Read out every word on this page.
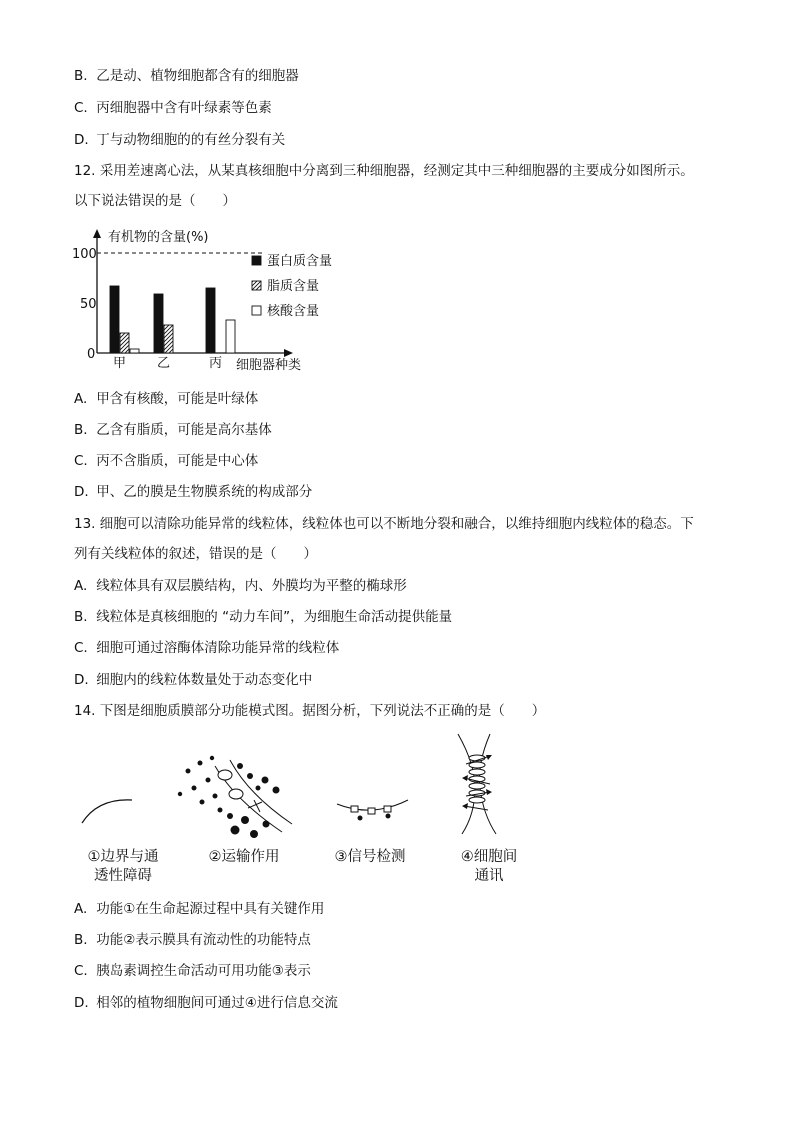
B. 乙是动、植物细胞都含有的细胞器
C. 丙细胞器中含有叶绿素等色素
D. 丁与动物细胞的的有丝分裂有关
12. 采用差速离心法，从某真核细胞中分离到三种细胞器，经测定其中三种细胞器的主要成分如图所示。
以下说法错误的是（　　）
有机物的含量(%)
细胞器种类
100
50
0
甲 乙	丙
蛋白质含量
脂质含量
核酸含量
A. 甲含有核酸，可能是叶绿体
B. 乙含有脂质，可能是高尔基体
C. 丙不含脂质，可能是中心体
D. 甲、乙的膜是生物膜系统的构成部分
13. 细胞可以清除功能异常的线粒体，线粒体也可以不断地分裂和融合，以维持细胞内线粒体的稳态。下
列有关线粒体的叙述，错误的是（　　）
A. 线粒体具有双层膜结构，内、外膜均为平整的椭球形
B. 线粒体是真核细胞的 “动力车间”，为细胞生命活动提供能量
C. 细胞可通过溶酶体清除功能异常的线粒体
D. 细胞内的线粒体数量处于动态变化中
14. 下图是细胞质膜部分功能模式图。据图分析，下列说法不正确的是（　　）
①边界与通
透性障碍
②运输作用	③信号检测	④细胞间
通讯
A. 功能①在生命起源过程中具有关键作用
B. 功能②表示膜具有流动性的功能特点
C. 胰岛素调控生命活动可用功能③表示
D. 相邻的植物细胞间可通过④进行信息交流
